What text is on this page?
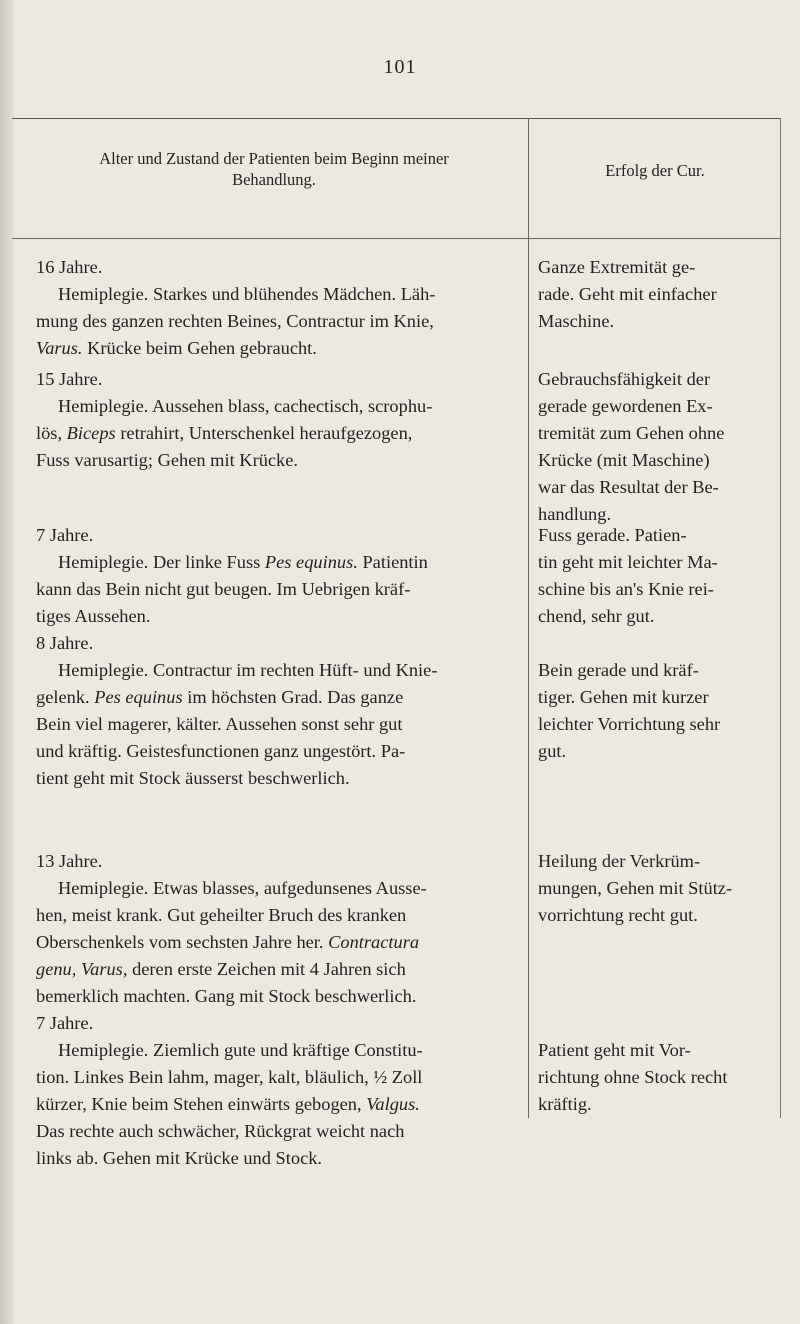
101
Alter und Zustand der Patienten beim Beginn meiner
Behandlung.	Erfolg der Cur.
16 Jahre.
Hemiplegie. Starkes und blühendes Mädchen. Läh-
mung des ganzen rechten Beines, Contractur im Knie,
Varus. Krücke beim Gehen gebraucht.
Ganze Extremität ge-
rade. Geht mit einfacher
Maschine.
15 Jahre.
Hemiplegie. Aussehen blass, cachectisch, scrophu-
lös, Biceps retrahirt, Unterschenkel heraufgezogen,
Fuss varusartig; Gehen mit Krücke.
Gebrauchsfähigkeit der
gerade gewordenen Ex-
tremität zum Gehen ohne
Krücke (mit Maschine)
war das Resultat der Be-
handlung.
7 Jahre.
Hemiplegie. Der linke Fuss Pes equinus. Patientin
kann das Bein nicht gut beugen. Im Uebrigen kräf-
tiges Aussehen.
Fuss gerade. Patien-
tin geht mit leichter Ma-
schine bis an's Knie rei-
chend, sehr gut.
8 Jahre.
Hemiplegie. Contractur im rechten Hüft- und Knie-
gelenk. Pes equinus im höchsten Grad. Das ganze
Bein viel magerer, kälter. Aussehen sonst sehr gut
und kräftig. Geistesfunctionen ganz ungestört. Pa-
tient geht mit Stock äusserst beschwerlich.
Bein gerade und kräf-
tiger. Gehen mit kurzer
leichter Vorrichtung sehr
gut.
13 Jahre.
Hemiplegie. Etwas blasses, aufgedunsenes Ausse-
hen, meist krank. Gut geheilter Bruch des kranken
Oberschenkels vom sechsten Jahre her. Contractura
genu, Varus, deren erste Zeichen mit 4 Jahren sich
bemerklich machten. Gang mit Stock beschwerlich.
Heilung der Verkrüm-
mungen, Gehen mit Stütz-
vorrichtung recht gut.
7 Jahre.
Hemiplegie. Ziemlich gute und kräftige Constitu-
tion. Linkes Bein lahm, mager, kalt, bläulich, ½ Zoll
kürzer, Knie beim Stehen einwärts gebogen, Valgus.
Das rechte auch schwächer, Rückgrat weicht nach
links ab. Gehen mit Krücke und Stock.
Patient geht mit Vor-
richtung ohne Stock recht
kräftig.
